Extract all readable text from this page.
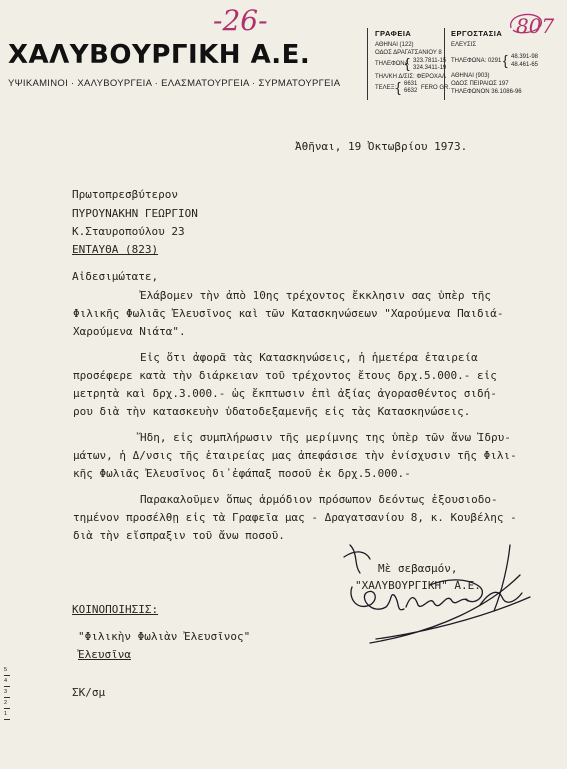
-26-	807
ΧΑΛΥΒΟΥΡΓΙΚΗ Α.Ε.
ΥΨΙΚΑΜΙΝΟΙ · ΧΑΛΥΒΟΥΡΓΕΙΑ · ΕΛΑΣΜΑΤΟΥΡΓΕΙΑ · ΣΥΡΜΑΤΟΥΡΓΕΙΑ
ΓΡΑΦΕΙΑ
ΑΘΗΝΑΙ (122)
ΟΔΟΣ ΔΡΑΓΑΤΣΑΝΙΟΥ 8
ΤΗΛΕΦΩΝΑ
{ 323.7811-15
324.3411-19
ΤΗΛ/ΚΗ Δ/ΣΙΣ: ΦΕΡΟΧΑΛ
ΤΕΛΕΞ: { 6631
6632 FERO GR.
ΕΡΓΟΣΤΑΣΙΑ
ΕΛΕΥΣΙΣ
ΤΗΛΕΦΩΝΑ: 0291 { 48.391-98
48.461-65
ΑΘΗΝΑΙ (903)
ΟΔΟΣ ΠΕΙΡΑΙΩΣ 197
ΤΗΛΕΦΩΝΟΝ 36.1086-96
Ἀθῆναι, 19 Ὀκτωβρίου 1973.
Πρωτοπρεσβύτερον
ΠΥΡΟΥΝΑΚΗΝ ΓΕΩΡΓΙΟΝ
Κ.Σταυροπούλου 23
ΕΝΤΑΥΘΑ (823)
Αἰδεσιμώτατε,
Ἐλάβομεν τὴν ἀπὸ 10ης τρέχοντος ἔκκλησιν σας ὑπὲρ τῆς
Φιλικῆς Φωλιᾶς Ἐλευσῖνος καὶ τῶν Κατασκηνώσεων "Χαρούμενα Παιδιά-
Χαρούμενα Νιάτα".
Εἰς ὅτι ἀφορᾶ τὰς Κατασκηνώσεις, ἡ ἡμετέρα ἑταιρεία
προσέφερε κατὰ τὴν διάρκειαν τοῦ τρέχοντος ἔτους δρχ.5.000.- εἰς
μετρητὰ καὶ δρχ.3.000.- ὡς ἔκπτωσιν ἐπὶ ἀξίας ἀγορασθέντος σιδή-
ρου διὰ τὴν κατασκευὴν ὑδατοδεξαμενῆς εἰς τὰς Κατασκηνώσεις.
Ἤδη, εἰς συμπλήρωσιν τῆς μερίμνης της ὑπὲρ τῶν ἄνω Ἱδρυ-
μάτων, ἡ Δ/νσις τῆς ἑταιρείας μας ἀπεφάσισε τὴν ἐνίσχυσιν τῆς Φιλι-
κῆς Φωλιᾶς Ἐλευσῖνος δι᾽ἐφάπαξ ποσοῦ ἐκ δρχ.5.000.-
Παρακαλοῦμεν ὅπως ἁρμόδιον πρόσωπον δεόντως ἐξουσιοδο-
τημένον προσέλθῃ εἰς τὰ Γραφεῖα μας - Δραγατσανίου 8, κ. Κουβέλης -
διὰ τὴν εἴσπραξιν τοῦ ἄνω ποσοῦ.
Μὲ σεβασμόν,
"ΧΑΛΥΒΟΥΡΓΙΚΗ" Α.Ε.
ΚΟΙΝΟΠΟΙΗΣΙΣ:
"Φιλικὴν Φωλιὰν Ἐλευσῖνος"
Ἐλευσῖνα
ΣΚ/σμ
5
4
3
2
1
